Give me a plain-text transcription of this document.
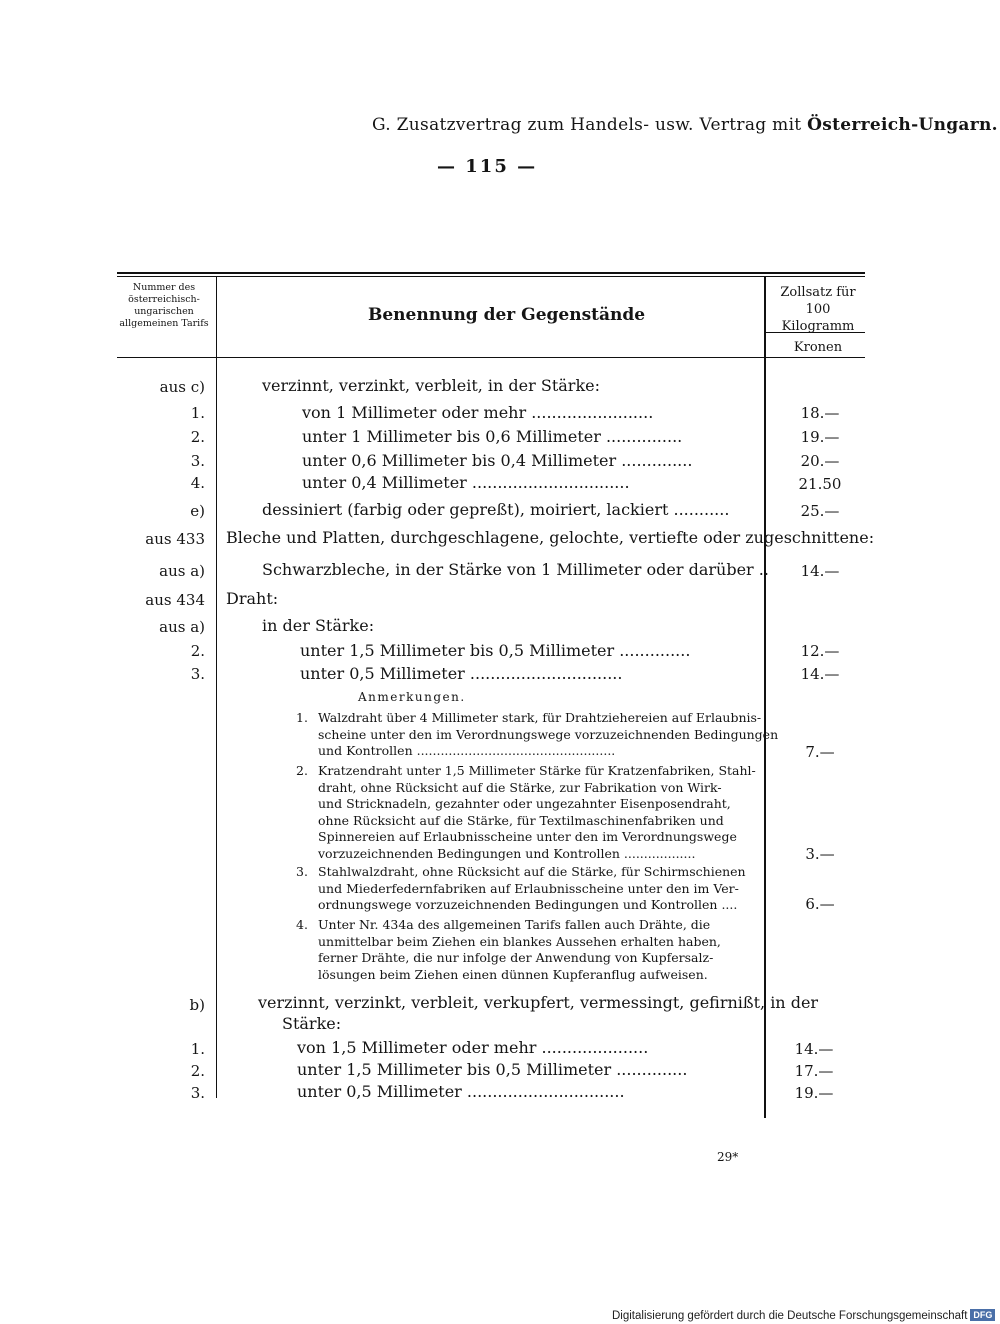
G. Zusatzvertrag zum Handels- usw. Vertrag mit Österreich-Ungarn.
— 115 —
Nummer des österreichisch-ungarischen allgemeinen Tarifs	Benennung der Gegenstände
Zollsatz für 100 Kilogramm
Kronen
aus c)	verzinnt, verzinkt, verbleit, in der Stärke:
1.	von 1 Millimeter oder mehr ........................	18.—
2.	unter 1 Millimeter bis 0,6 Millimeter ...............	19.—
3.	unter 0,6 Millimeter bis 0,4 Millimeter ..............	20.—
4.	unter 0,4 Millimeter ...............................	21.50
e)	dessiniert (farbig oder gepreßt), moiriert, lackiert ...........	25.—
aus 433 Bleche und Platten, durchgeschlagene, gelochte, vertiefte oder zugeschnittene:
aus a)	Schwarzbleche, in der Stärke von 1 Millimeter oder darüber ..	14.—
aus 434 Draht:
aus a)	in der Stärke:
2.	unter 1,5 Millimeter bis 0,5 Millimeter ..............	12.—
3.	unter 0,5 Millimeter ..............................	14.—
Anmerkungen.
1. Walzdraht über 4 Millimeter stark, für Drahtziehereien auf Erlaubnis-
scheine unter den im Verordnungswege vorzuzeichnenden Bedingungen
und Kontrollen ..................................................	7.—
2. Kratzendraht unter 1,5 Millimeter Stärke für Kratzenfabriken, Stahl-
draht, ohne Rücksicht auf die Stärke, zur Fabrikation von Wirk-
und Stricknadeln, gezahnter oder ungezahnter Eisenposendraht,
ohne Rücksicht auf die Stärke, für Textilmaschinenfabriken und
Spinnereien auf Erlaubnisscheine unter den im Verordnungswege
vorzuzeichnenden Bedingungen und Kontrollen ..................	3.—
3. Stahlwalzdraht, ohne Rücksicht auf die Stärke, für Schirmschienen
und Miederfedernfabriken auf Erlaubnisscheine unter den im Ver-
ordnungswege vorzuzeichnenden Bedingungen und Kontrollen ....	6.—
4. Unter Nr. 434a des allgemeinen Tarifs fallen auch Drähte, die
unmittelbar beim Ziehen ein blankes Aussehen erhalten haben,
ferner Drähte, die nur infolge der Anwendung von Kupfersalz-
lösungen beim Ziehen einen dünnen Kupferanflug aufweisen.
b)	verzinnt, verzinkt, verbleit, verkupfert, vermessingt, gefirnißt, in der
Stärke:
1.	von 1,5 Millimeter oder mehr .....................	14.—
2.	unter 1,5 Millimeter bis 0,5 Millimeter ..............	17.—
3.	unter 0,5 Millimeter ...............................	19.—
29*
Digitalisierung gefördert durch die Deutsche Forschungsgemeinschaft DFG
